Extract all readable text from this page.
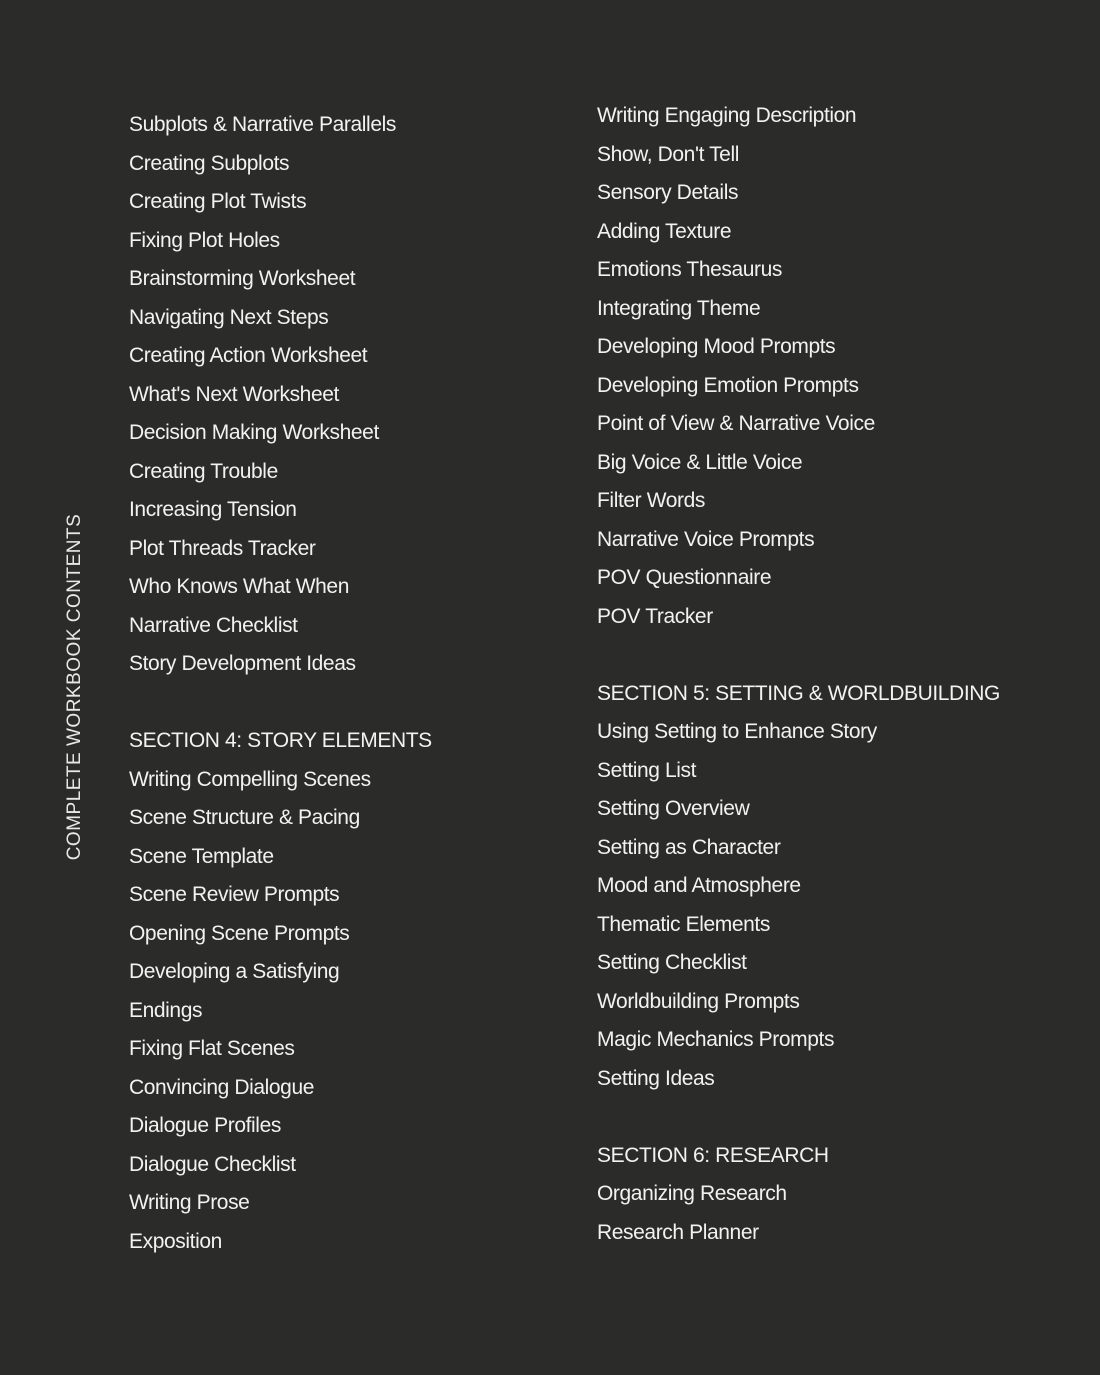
COMPLETE WORKBOOK CONTENTS
Subplots & Narrative Parallels
Creating Subplots
Creating Plot Twists
Fixing Plot Holes
Brainstorming Worksheet
Navigating Next Steps
Creating Action Worksheet
What's Next Worksheet
Decision Making Worksheet
Creating Trouble
Increasing Tension
Plot Threads Tracker
Who Knows What When
Narrative Checklist
Story Development Ideas
SECTION 4: STORY ELEMENTS
Writing Compelling Scenes
Scene Structure & Pacing
Scene Template
Scene Review Prompts
Opening Scene Prompts
Developing a Satisfying
Endings
Fixing Flat Scenes
Convincing Dialogue
Dialogue Profiles
Dialogue Checklist
Writing Prose
Exposition
Writing Engaging Description
Show, Don't Tell
Sensory Details
Adding Texture
Emotions Thesaurus
Integrating Theme
Developing Mood Prompts
Developing Emotion Prompts
Point of View & Narrative Voice
Big Voice & Little Voice
Filter Words
Narrative Voice Prompts
POV Questionnaire
POV Tracker
SECTION 5: SETTING & WORLDBUILDING
Using Setting to Enhance Story
Setting List
Setting Overview
Setting as Character
Mood and Atmosphere
Thematic Elements
Setting Checklist
Worldbuilding Prompts
Magic Mechanics Prompts
Setting Ideas
SECTION 6: RESEARCH
Organizing Research
Research Planner
